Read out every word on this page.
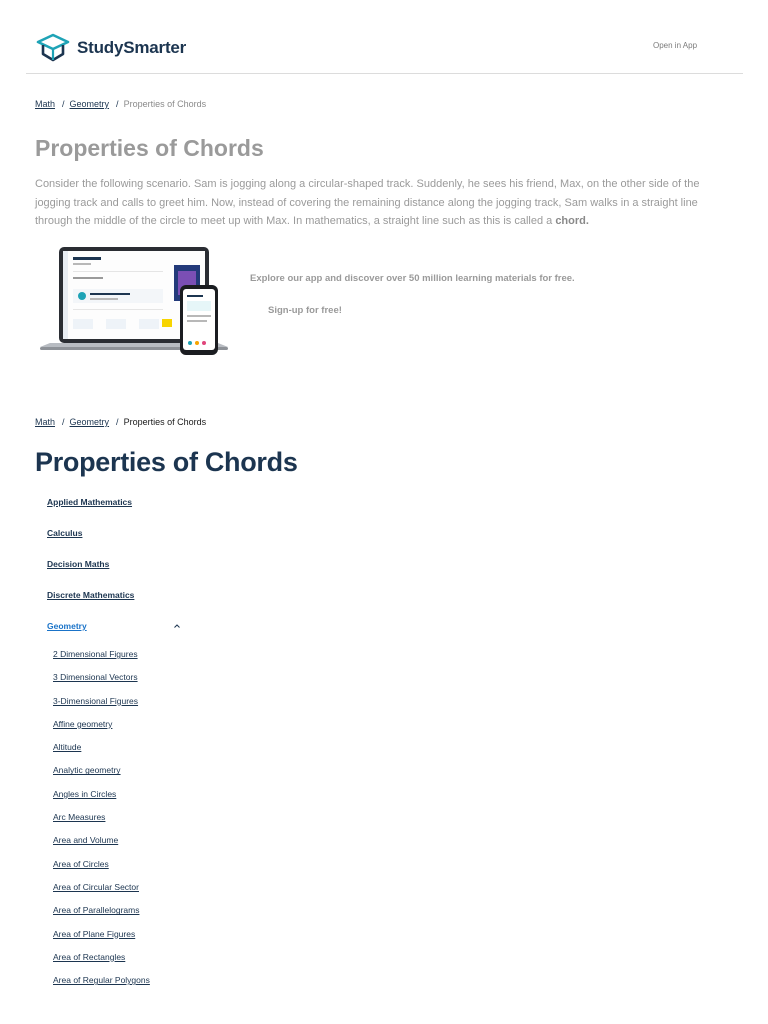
StudySmarter	Open in App
Math / Geometry / Properties of Chords
Properties of Chords

Consider the following scenario. Sam is jogging along a circular-shaped track. Suddenly, he sees his friend, Max, on the other side of the jogging track and calls to greet him. Now, instead of covering the remaining distance along the jogging track, Sam walks in a straight line through the middle of the circle to meet up with Max. In mathematics, a straight line such as this is called a chord.

Explore our app and discover over 50 million learning materials for free.

Sign-up for free!
Math / Geometry / Properties of Chords
Properties of Chords
Applied Mathematics
Calculus
Decision Maths
Discrete Mathematics
Geometry
2 Dimensional Figures
3 Dimensional Vectors
3-Dimensional Figures
Affine geometry
Altitude
Analytic geometry
Angles in Circles
Arc Measures
Area and Volume
Area of Circles
Area of Circular Sector
Area of Parallelograms
Area of Plane Figures
Area of Rectangles
Area of Regular Polygons
